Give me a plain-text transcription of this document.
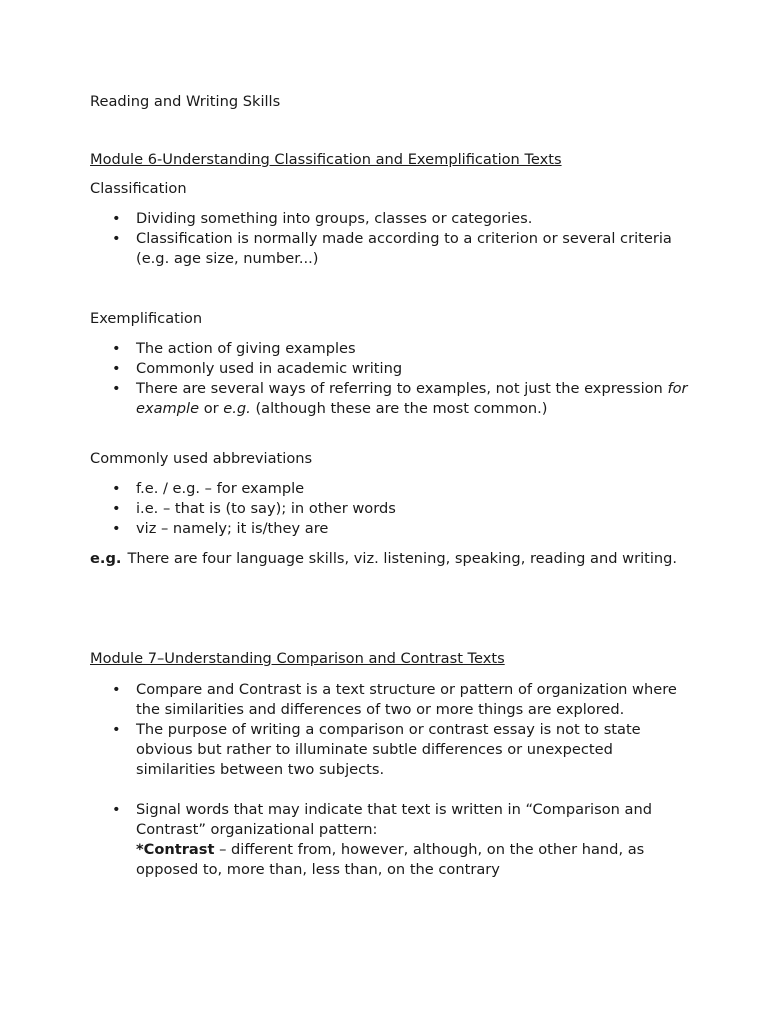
Reading and Writing Skills
Module 6-Understanding Classification and Exemplification Texts
Classification
• Dividing something into groups, classes or categories.
• Classification is normally made according to a criterion or several criteria (e.g. age size, number...)
Exemplification
• The action of giving examples
• Commonly used in academic writing
• There are several ways of referring to examples, not just the expression for example or e.g. (although these are the most common.)
Commonly used abbreviations
• f.e. / e.g. – for example
• i.e. – that is (to say); in other words
• viz – namely; it is/they are

e.g. There are four language skills, viz. listening, speaking, reading and writing.

Module 7–Understanding Comparison and Contrast Texts
• Compare and Contrast is a text structure or pattern of organization where the similarities and differences of two or more things are explored.
• The purpose of writing a comparison or contrast essay is not to state obvious but rather to illuminate subtle differences or unexpected similarities between two subjects.
• Signal words that may indicate that text is written in “Comparison and Contrast” organizational pattern:
*Contrast – different from, however, although, on the other hand, as opposed to, more than, less than, on the contrary
